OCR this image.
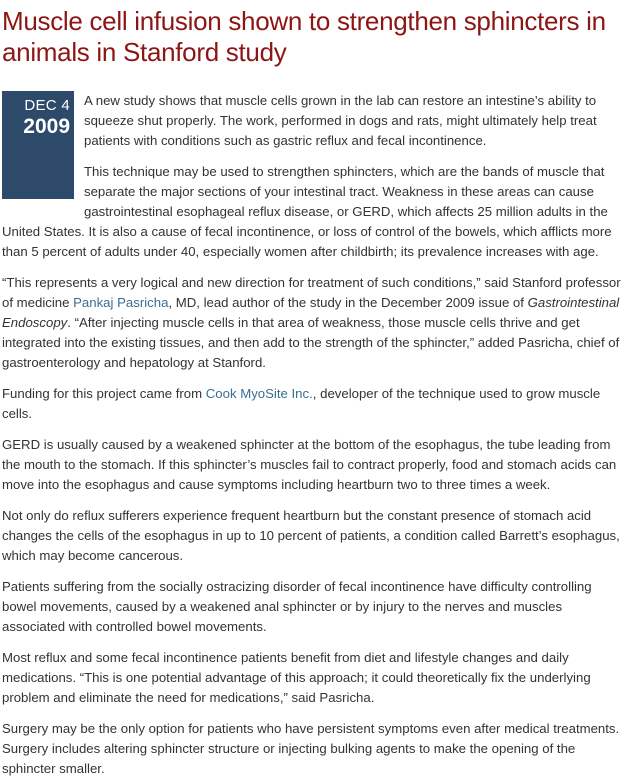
Muscle cell infusion shown to strengthen sphincters in animals in Stanford study
DEC 4
2009

A new study shows that muscle cells grown in the lab can restore an intestine’s ability to squeeze shut properly. The work, performed in dogs and rats, might ultimately help treat patients with conditions such as gastric reflux and fecal incontinence.

This technique may be used to strengthen sphincters, which are the bands of muscle that separate the major sections of your intestinal tract. Weakness in these areas can cause gastrointestinal esophageal reflux disease, or GERD, which affects 25 million adults in the United States. It is also a cause of fecal incontinence, or loss of control of the bowels, which afflicts more than 5 percent of adults under 40, especially women after childbirth; its prevalence increases with age.

“This represents a very logical and new direction for treatment of such conditions,” said Stanford professor of medicine Pankaj Pasricha, MD, lead author of the study in the December 2009 issue of Gastrointestinal Endoscopy. “After injecting muscle cells in that area of weakness, those muscle cells thrive and get integrated into the existing tissues, and then add to the strength of the sphincter,” added Pasricha, chief of gastroenterology and hepatology at Stanford.

Funding for this project came from Cook MyoSite Inc., developer of the technique used to grow muscle cells.

GERD is usually caused by a weakened sphincter at the bottom of the esophagus, the tube leading from the mouth to the stomach. If this sphincter’s muscles fail to contract properly, food and stomach acids can move into the esophagus and cause symptoms including heartburn two to three times a week.

Not only do reflux sufferers experience frequent heartburn but the constant presence of stomach acid changes the cells of the esophagus in up to 10 percent of patients, a condition called Barrett’s esophagus, which may become cancerous.

Patients suffering from the socially ostracizing disorder of fecal incontinence have difficulty controlling bowel movements, caused by a weakened anal sphincter or by injury to the nerves and muscles associated with controlled bowel movements.

Most reflux and some fecal incontinence patients benefit from diet and lifestyle changes and daily medications. “This is one potential advantage of this approach; it could theoretically fix the underlying problem and eliminate the need for medications,” said Pasricha.

Surgery may be the only option for patients who have persistent symptoms even after medical treatments. Surgery includes altering sphincter structure or injecting bulking agents to make the opening of the sphincter smaller.
